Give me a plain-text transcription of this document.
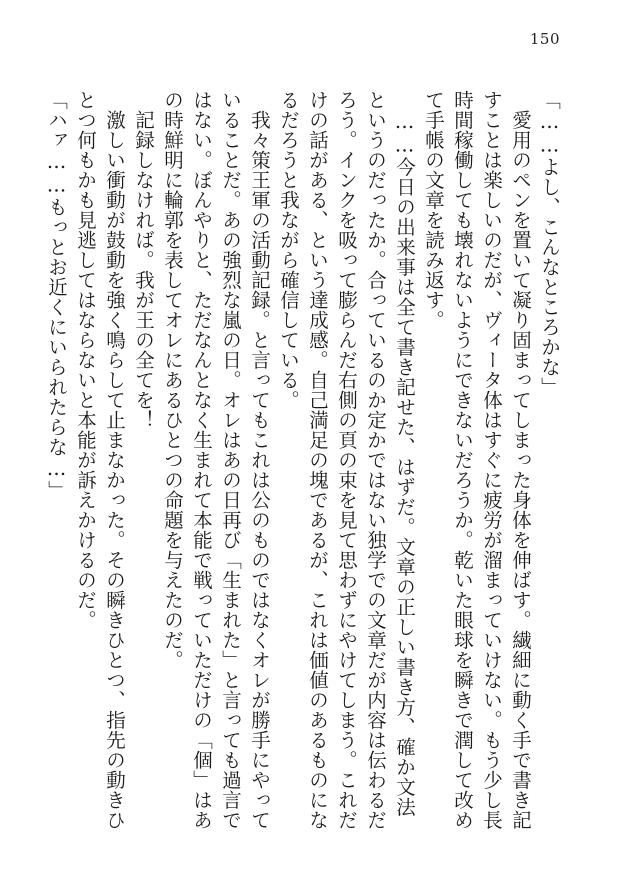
150

「……よし、こんなところかな」

愛用のペンを置いて凝り固まってしまった身体を伸ばす。繊細に動く手で書き記すことは楽しいのだが、ヴィータ体はすぐに疲労が溜まっていけない。もう少し長時間稼働しても壊れないようにできないだろうか。乾いた眼球を瞬きで潤して改めて手帳の文章を読み返す。

……今日の出来事は全て書き記せた、はずだ。文章の正しい書き方、確か文法というのだったか。合っているのか定かではない独学での文章だが内容は伝わるだろう。インクを吸って膨らんだ右側の頁の束を見て思わずにやけてしまう。これだけの話がある、という達成感。自己満足の塊であるが、これは価値のあるものになるだろうと我ながら確信している。

我々策王軍の活動記録。と言ってもこれは公のものではなくオレが勝手にやっていることだ。あの強烈な嵐の日。オレはあの日再び「生まれた」と言っても過言ではない。ぼんやりと、ただなんとなく生まれて本能で戦っていただけの「個」はあの時鮮明に輪郭を表してオレにあるひとつの命題を与えたのだ。

記録しなければ。我が王の全てを！

激しい衝動が鼓動を強く鳴らして止まなかった。その瞬きひとつ、指先の動きひとつ何もかも見逃してはならないと本能が訴えかけるのだ。

「ハァ……もっとお近くにいられたらな…」
